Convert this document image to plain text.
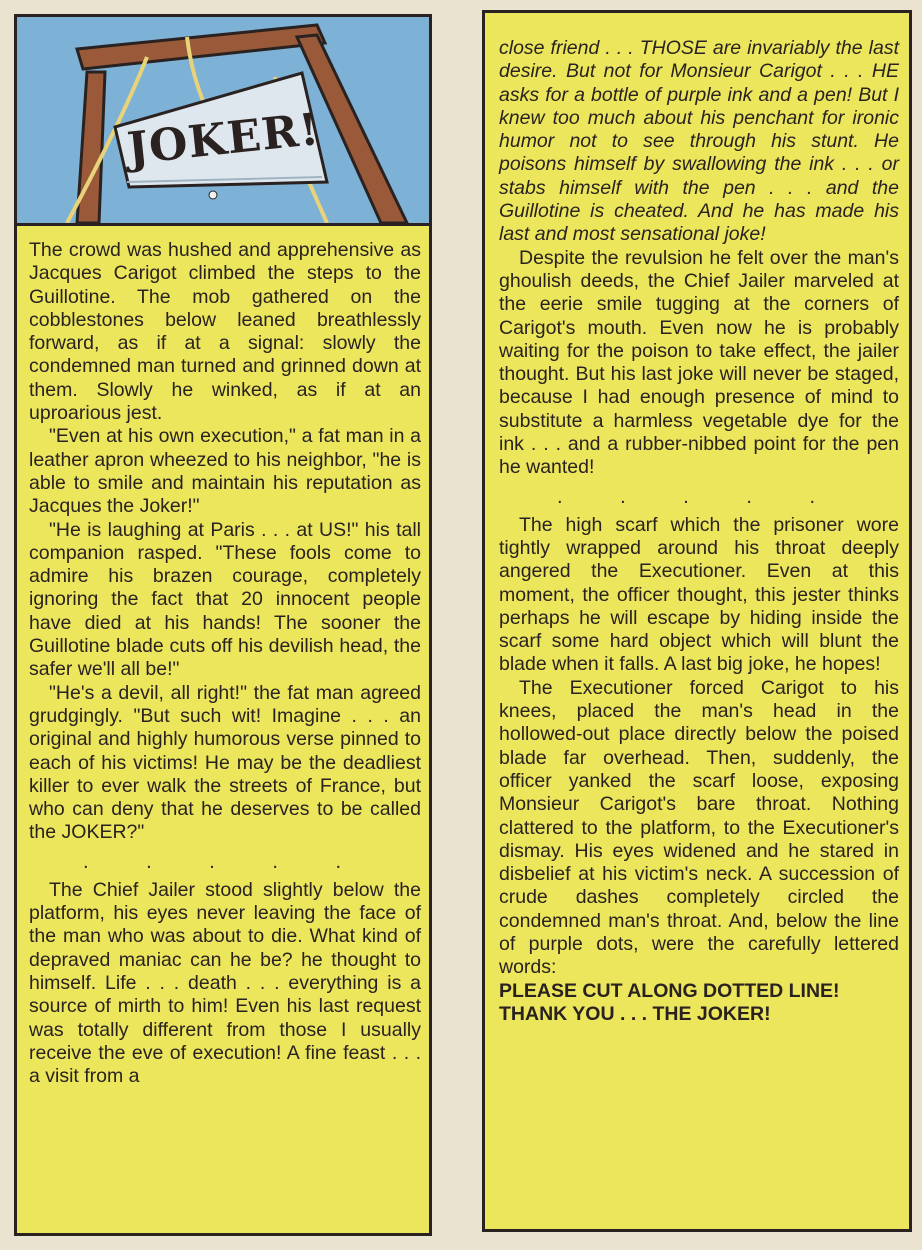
JOKER!

The crowd was hushed and apprehensive as Jacques Carigot climbed the steps to the Guillotine. The mob gathered on the cobblestones below leaned breathlessly forward, as if at a signal: slowly the condemned man turned and grinned down at them. Slowly he winked, as if at an uproarious jest.

"Even at his own execution," a fat man in a leather apron wheezed to his neighbor, "he is able to smile and maintain his reputation as Jacques the Joker!"

"He is laughing at Paris . . . at US!" his tall companion rasped. "These fools come to admire his brazen courage, completely ignoring the fact that 20 innocent people have died at his hands! The sooner the Guillotine blade cuts off his devilish head, the safer we'll all be!"

"He's a devil, all right!" the fat man agreed grudgingly. "But such wit! Imagine . . . an original and highly humorous verse pinned to each of his victims! He may be the deadliest killer to ever walk the streets of France, but who can deny that he deserves to be called the JOKER?"

. . . . .

The Chief Jailer stood slightly below the platform, his eyes never leaving the face of the man who was about to die. What kind of depraved maniac can he be? he thought to himself. Life . . . death . . . everything is a source of mirth to him! Even his last request was totally different from those I usually receive the eve of execution! A fine feast . . . a visit from a

close friend . . . THOSE are invariably the last desire. But not for Monsieur Carigot . . . HE asks for a bottle of purple ink and a pen! But I knew too much about his penchant for ironic humor not to see through his stunt. He poisons himself by swallowing the ink . . . or stabs himself with the pen . . . and the Guillotine is cheated. And he has made his last and most sensational joke!

Despite the revulsion he felt over the man's ghoulish deeds, the Chief Jailer marveled at the eerie smile tugging at the corners of Carigot's mouth. Even now he is probably waiting for the poison to take effect, the jailer thought. But his last joke will never be staged, because I had enough presence of mind to substitute a harmless vegetable dye for the ink . . . and a rubber-nibbed point for the pen he wanted!

. . . . .

The high scarf which the prisoner wore tightly wrapped around his throat deeply angered the Executioner. Even at this moment, the officer thought, this jester thinks perhaps he will escape by hiding inside the scarf some hard object which will blunt the blade when it falls. A last big joke, he hopes!

The Executioner forced Carigot to his knees, placed the man's head in the hollowed-out place directly below the poised blade far overhead. Then, suddenly, the officer yanked the scarf loose, exposing Monsieur Carigot's bare throat. Nothing clattered to the platform, to the Executioner's dismay. His eyes widened and he stared in disbelief at his victim's neck. A succession of crude dashes completely circled the condemned man's throat. And, below the line of purple dots, were the carefully lettered words:

PLEASE CUT ALONG DOTTED LINE!

THANK YOU . . . THE JOKER!
